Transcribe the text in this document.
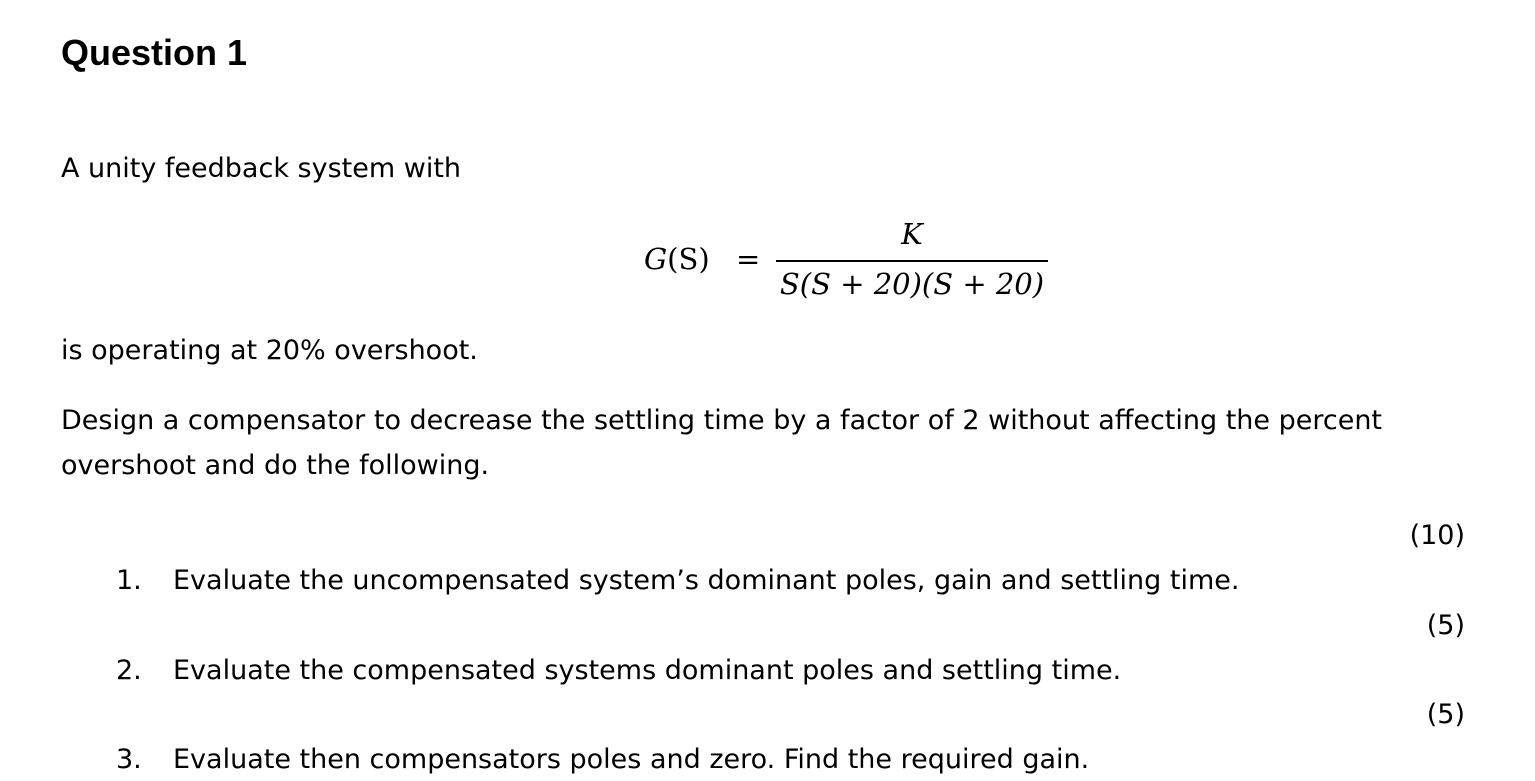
Question 1
A unity feedback system with
G(S) =
K
S(S + 20)(S + 20)
is operating at 20% overshoot.
Design a compensator to decrease the settling time by a factor of 2 without affecting the percent
overshoot and do the following.
(10)
1. Evaluate the uncompensated system’s dominant poles, gain and settling time.
(5)
2. Evaluate the compensated systems dominant poles and settling time.
(5)
3. Evaluate then compensators poles and zero. Find the required gain.
